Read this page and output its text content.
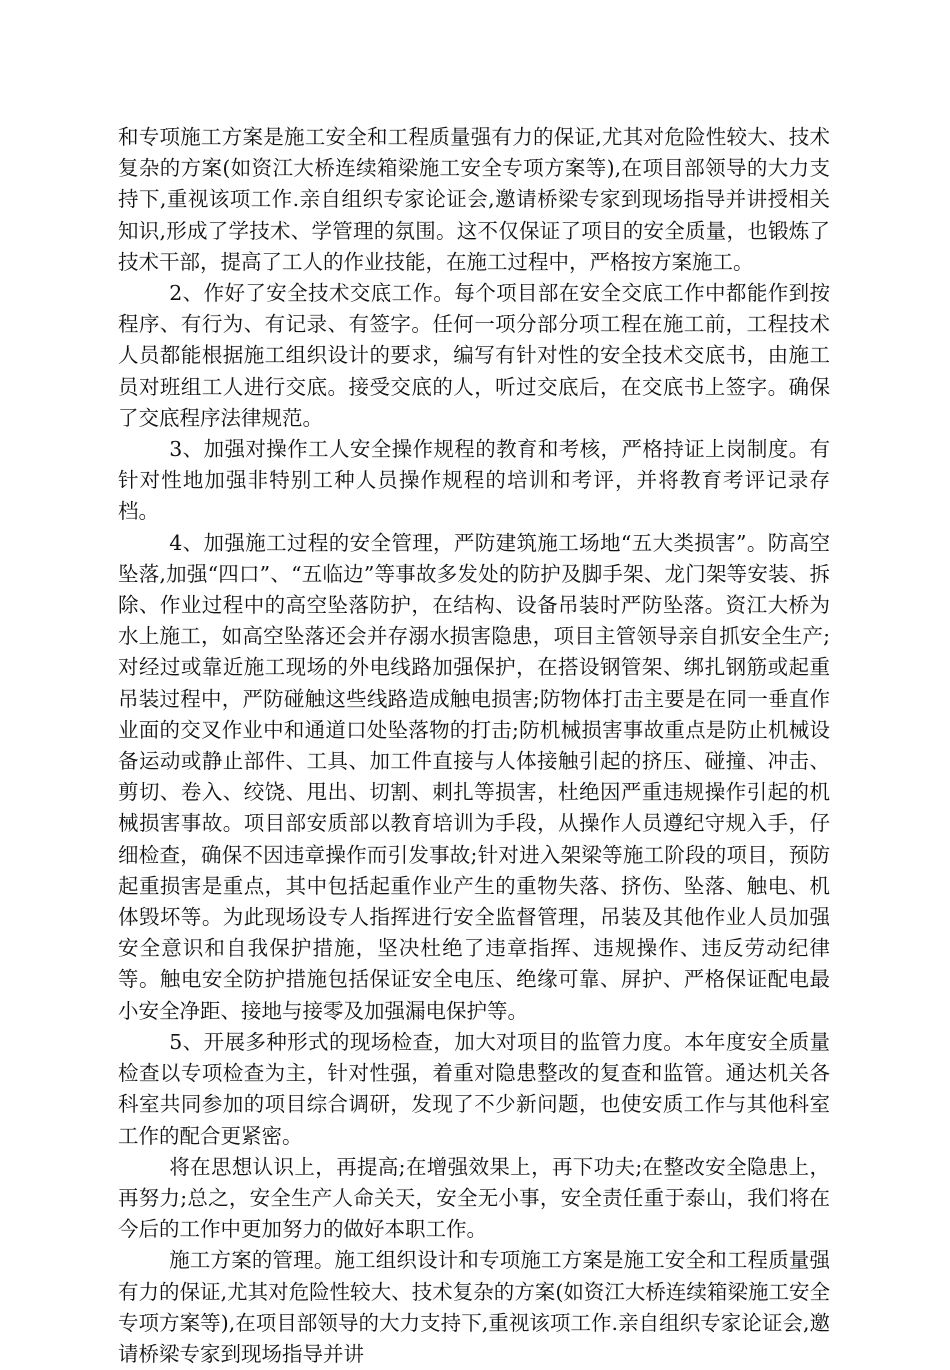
和专项施工方案是施工安全和工程质量强有力的保证,尤其对危险性较大、技术复杂的方案(如资江大桥连续箱梁施工安全专项方案等),在项目部领导的大力支持下,重视该项工作.亲自组织专家论证会,邀请桥梁专家到现场指导并讲授相关知识,形成了学技术、学管理的氛围。这不仅保证了项目的安全质量，也锻炼了技术干部，提高了工人的作业技能，在施工过程中，严格按方案施工。

2、作好了安全技术交底工作。每个项目部在安全交底工作中都能作到按程序、有行为、有记录、有签字。任何一项分部分项工程在施工前，工程技术人员都能根据施工组织设计的要求，编写有针对性的安全技术交底书，由施工员对班组工人进行交底。接受交底的人，听过交底后，在交底书上签字。确保了交底程序法律规范。

3、加强对操作工人安全操作规程的教育和考核，严格持证上岗制度。有针对性地加强非特别工种人员操作规程的培训和考评，并将教育考评记录存档。

4、加强施工过程的安全管理，严防建筑施工场地“五大类损害”。防高空坠落,加强“四口”、“五临边”等事故多发处的防护及脚手架、龙门架等安装、拆除、作业过程中的高空坠落防护，在结构、设备吊装时严防坠落。资江大桥为水上施工，如高空坠落还会并存溺水损害隐患，项目主管领导亲自抓安全生产;对经过或靠近施工现场的外电线路加强保护，在搭设钢管架、绑扎钢筋或起重吊装过程中，严防碰触这些线路造成触电损害;防物体打击主要是在同一垂直作业面的交叉作业中和通道口处坠落物的打击;防机械损害事故重点是防止机械设备运动或静止部件、工具、加工件直接与人体接触引起的挤压、碰撞、冲击、剪切、卷入、绞饶、甩出、切割、刺扎等损害，杜绝因严重违规操作引起的机械损害事故。项目部安质部以教育培训为手段，从操作人员遵纪守规入手，仔细检查，确保不因违章操作而引发事故;针对进入架梁等施工阶段的项目，预防起重损害是重点，其中包括起重作业产生的重物失落、挤伤、坠落、触电、机体毁坏等。为此现场设专人指挥进行安全监督管理，吊装及其他作业人员加强安全意识和自我保护措施，坚决杜绝了违章指挥、违规操作、违反劳动纪律等。触电安全防护措施包括保证安全电压、绝缘可靠、屏护、严格保证配电最小安全净距、接地与接零及加强漏电保护等。

5、开展多种形式的现场检查，加大对项目的监管力度。本年度安全质量检查以专项检查为主，针对性强，着重对隐患整改的复查和监管。通达机关各科室共同参加的项目综合调研，发现了不少新问题，也使安质工作与其他科室工作的配合更紧密。

将在思想认识上，再提高;在增强效果上，再下功夫;在整改安全隐患上，再努力;总之，安全生产人命关天，安全无小事，安全责任重于泰山，我们将在今后的工作中更加努力的做好本职工作。

施工方案的管理。施工组织设计和专项施工方案是施工安全和工程质量强有力的保证,尤其对危险性较大、技术复杂的方案(如资江大桥连续箱梁施工安全专项方案等),在项目部领导的大力支持下,重视该项工作.亲自组织专家论证会,邀请桥梁专家到现场指导并讲
